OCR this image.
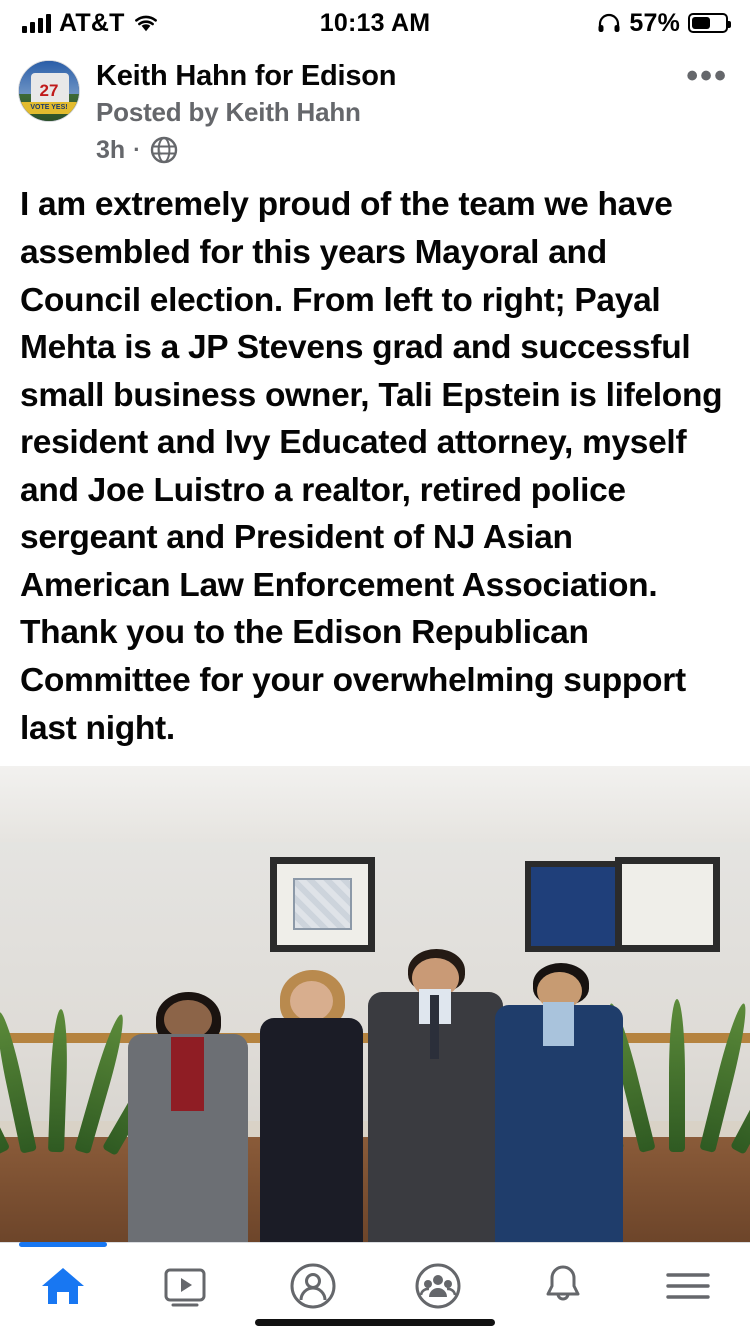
AT&T	10:13 AM	57%
27
VOTE YES!
Keith Hahn for Edison
Posted by Keith Hahn
3h ·
•••
I am extremely proud of the team we have assembled for this years Mayoral and Council election. From left to right; Payal Mehta is a JP Stevens grad and successful small business owner, Tali Epstein is lifelong resident and Ivy Educated attorney, myself and Joe Luistro a realtor, retired police sergeant and President of NJ Asian American Law Enforcement Association. Thank you to the Edison Republican Committee for your overwhelming support last night.
